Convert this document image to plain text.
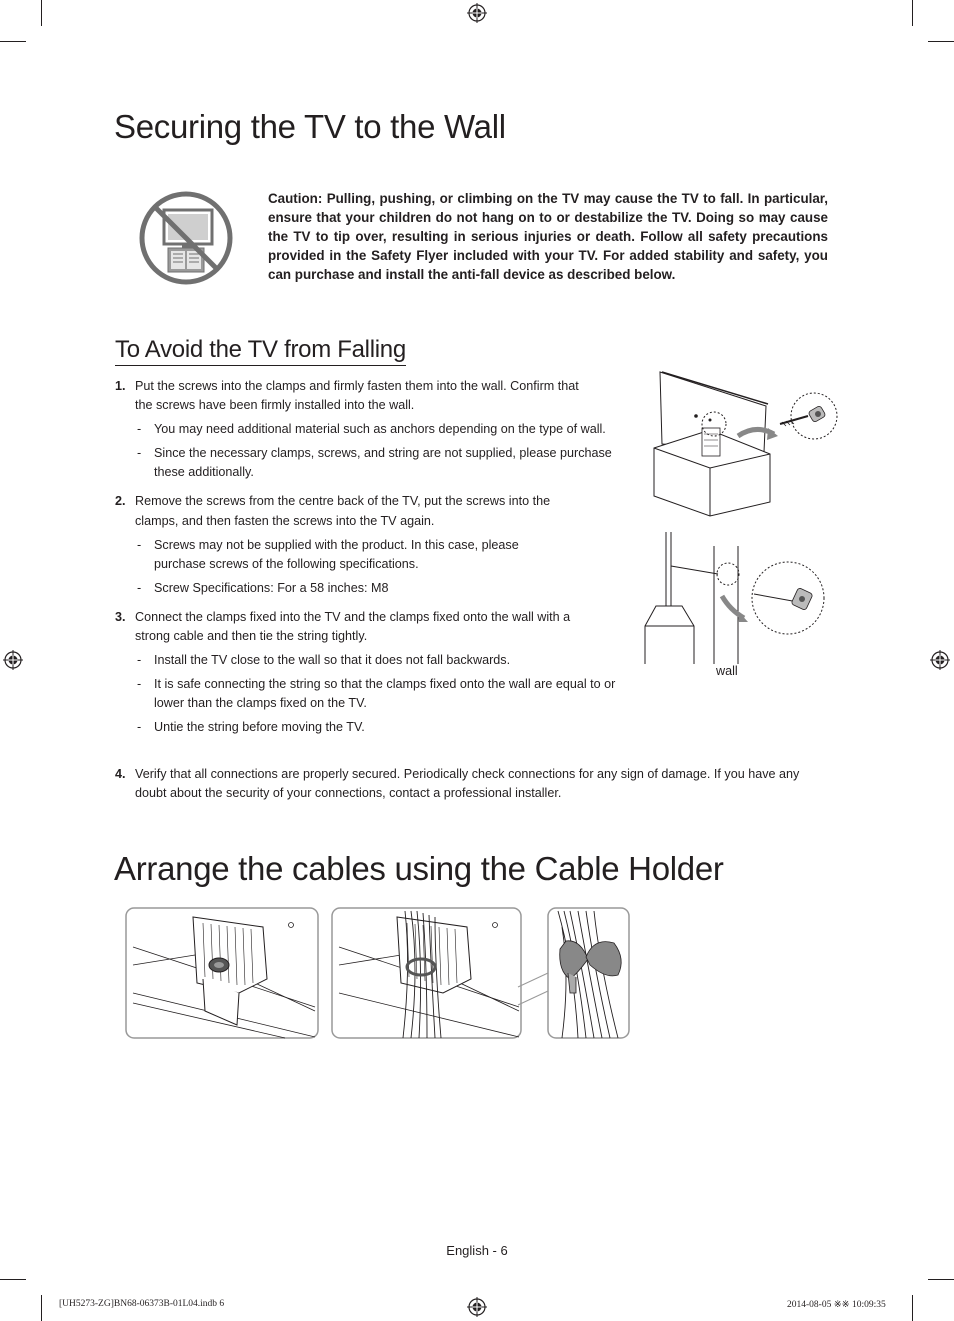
Securing the TV to the Wall
Caution: Pulling, pushing, or climbing on the TV may cause the TV to fall. In particular, ensure that your children do not hang on to or destabilize the TV. Doing so may cause the TV to tip over, resulting in serious injuries or death. Follow all safety precautions provided in the Safety Flyer included with your TV. For added stability and safety, you can purchase and install the anti-fall device as described below.
To Avoid the TV from Falling
1. Put the screws into the clamps and firmly fasten them into the wall. Confirm that the screws have been firmly installed into the wall.
- You may need additional material such as anchors depending on the type of wall.
- Since the necessary clamps, screws, and string are not supplied, please purchase these additionally.
2. Remove the screws from the centre back of the TV, put the screws into the clamps, and then fasten the screws into the TV again.
- Screws may not be supplied with the product. In this case, please purchase screws of the following specifications.
- Screw Specifications: For a 58 inches: M8
3. Connect the clamps fixed into the TV and the clamps fixed onto the wall with a strong cable and then tie the string tightly.
- Install the TV close to the wall so that it does not fall backwards.
- It is safe connecting the string so that the clamps fixed onto the wall are equal to or lower than the clamps fixed on the TV.
- Untie the string before moving the TV.
4. Verify that all connections are properly secured. Periodically check connections for any sign of damage. If you have any doubt about the security of your connections, contact a professional installer.
wall
Arrange the cables using the Cable Holder
English - 6
[UH5273-ZG]BN68-06373B-01L04.indb 6	2014-08-05 ※※ 10:09:35
